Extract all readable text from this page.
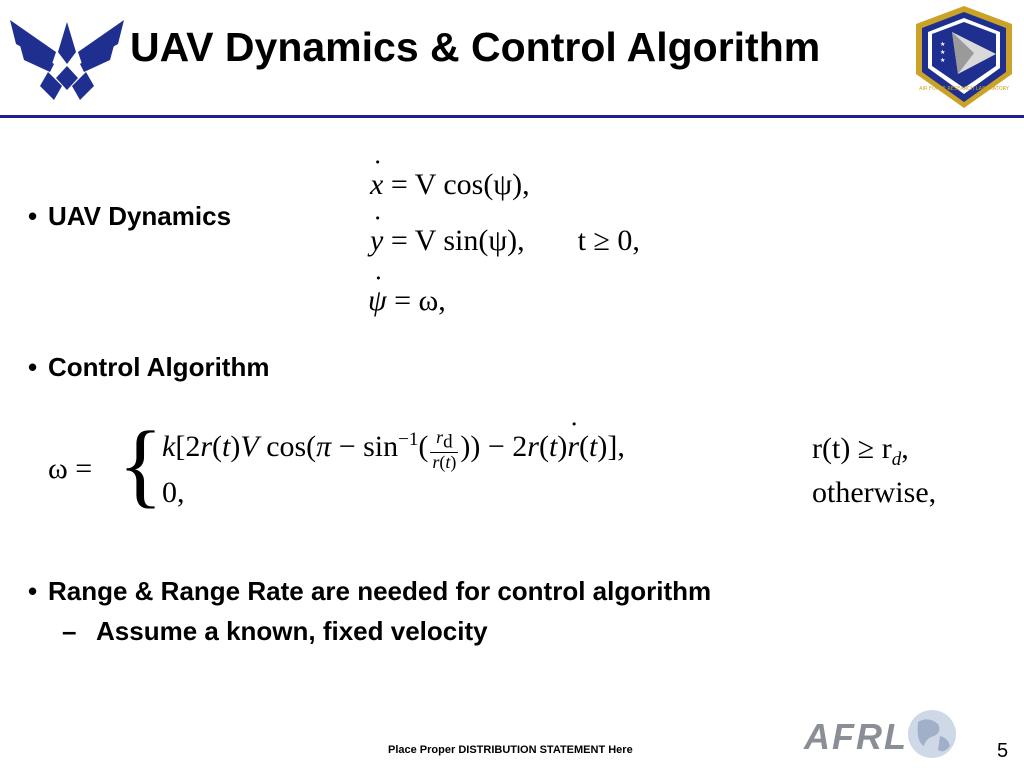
UAV Dynamics & Control Algorithm	★
★
★
AIR FORCE RESEARCH LABORATORY
• UAV Dynamics
x ˙ = V cos(ψ),
y ˙ = V sin(ψ), t ≥ 0,
ψ ˙ = ω,
• Control Algorithm
ω = {
k[2r(t)V $\cos(\pi - \sin^{-1}( \frac{r_d}{r(t)}$ )) − 2r(t)r ˙(t)],	$r(t) \ge r_d$,
0,	otherwise,
• Range & Range Rate are needed for control algorithm
– Assume a known, fixed velocity
Place Proper DISTRIBUTION STATEMENT Here	AFRL	5
